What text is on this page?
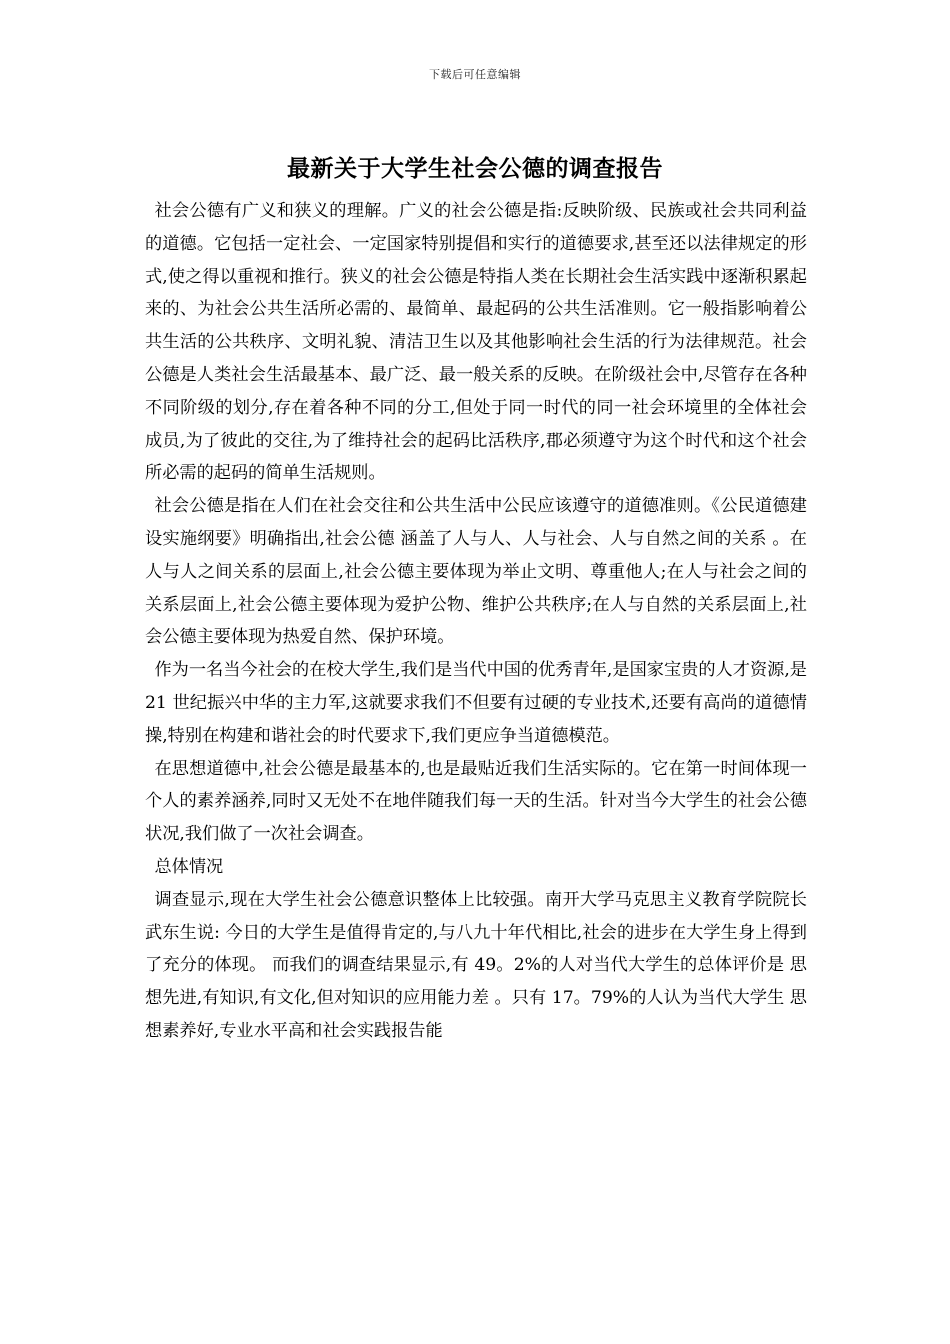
下载后可任意编辑
最新关于大学生社会公德的调查报告

社会公德有广义和狭义的理解。广义的社会公德是指:反映阶级、民族或社会共同利益的道德。它包括一定社会、一定国家特别提倡和实行的道德要求,甚至还以法律规定的形式,使之得以重视和推行。狭义的社会公德是特指人类在长期社会生活实践中逐渐积累起来的、为社会公共生活所必需的、最简单、最起码的公共生活准则。它一般指影响着公共生活的公共秩序、文明礼貌、清洁卫生以及其他影响社会生活的行为法律规范。社会公德是人类社会生活最基本、最广泛、最一般关系的反映。在阶级社会中,尽管存在各种不同阶级的划分,存在着各种不同的分工,但处于同一时代的同一社会环境里的全体社会成员,为了彼此的交往,为了维持社会的起码比活秩序,郡必须遵守为这个时代和这个社会所必需的起码的简单生活规则。

社会公德是指在人们在社会交往和公共生活中公民应该遵守的道德准则。《公民道德建设实施纲要》明确指出,社会公德 涵盖了人与人、人与社会、人与自然之间的关系 。在人与人之间关系的层面上,社会公德主要体现为举止文明、尊重他人;在人与社会之间的关系层面上,社会公德主要体现为爱护公物、维护公共秩序;在人与自然的关系层面上,社会公德主要体现为热爱自然、保护环境。

作为一名当今社会的在校大学生,我们是当代中国的优秀青年,是国家宝贵的人才资源,是 21 世纪振兴中华的主力军,这就要求我们不但要有过硬的专业技术,还要有高尚的道德情操,特别在构建和谐社会的时代要求下,我们更应争当道德模范。

在思想道德中,社会公德是最基本的,也是最贴近我们生活实际的。它在第一时间体现一个人的素养涵养,同时又无处不在地伴随我们每一天的生活。针对当今大学生的社会公德状况,我们做了一次社会调查。

总体情况

调查显示,现在大学生社会公德意识整体上比较强。南开大学马克思主义教育学院院长武东生说: 今日的大学生是值得肯定的,与八九十年代相比,社会的进步在大学生身上得到了充分的体现。 而我们的调查结果显示,有 49。2%的人对当代大学生的总体评价是 思想先进,有知识,有文化,但对知识的应用能力差 。只有 17。79%的人认为当代大学生 思想素养好,专业水平高和社会实践报告能
